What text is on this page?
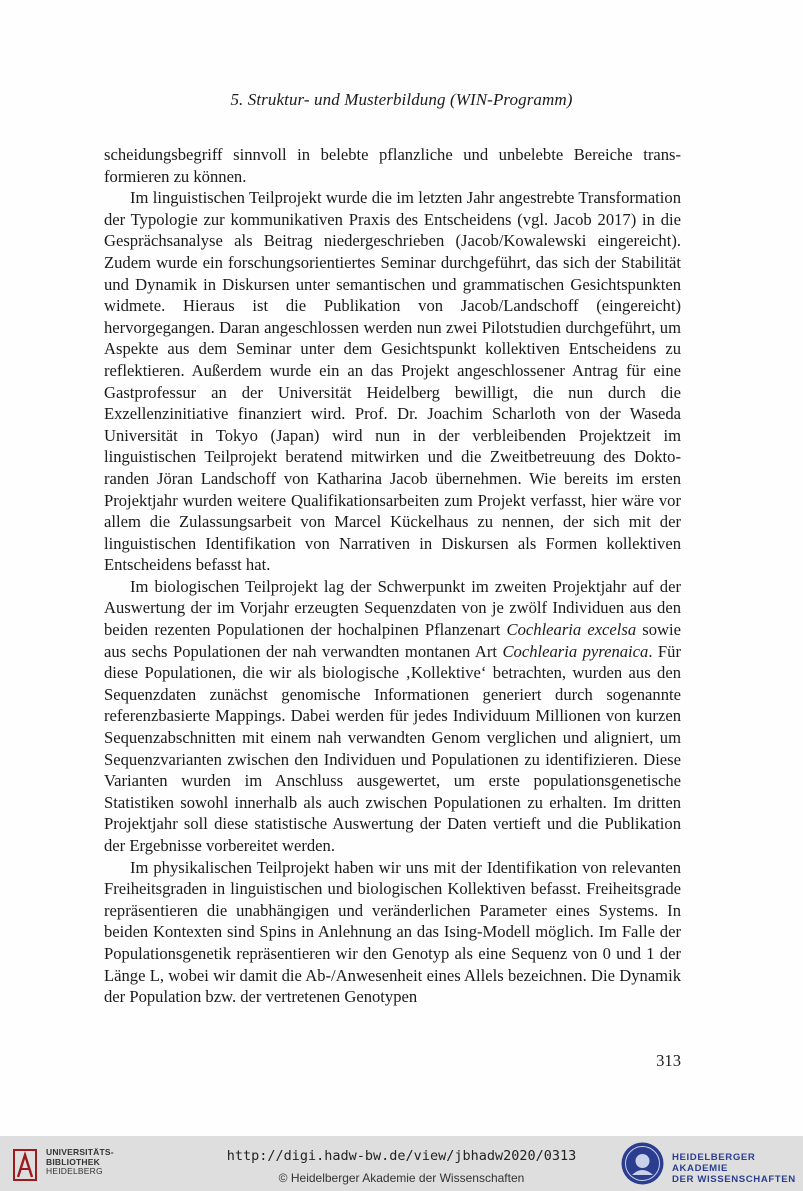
5. Struktur- und Musterbildung (WIN-Programm)

scheidungsbegriff sinnvoll in belebte pflanzliche und unbelebte Bereiche transformieren zu können.

Im linguistischen Teilprojekt wurde die im letzten Jahr angestrebte Transformation der Typologie zur kommunikativen Praxis des Entscheidens (vgl. Jacob 2017) in die Gesprächsanalyse als Beitrag niedergeschrieben (Jacob/Kowalewski eingereicht). Zudem wurde ein forschungsorientiertes Seminar durchgeführt, das sich der Stabilität und Dynamik in Diskursen unter semantischen und grammatischen Gesichtspunkten widmete. Hieraus ist die Publikation von Jacob/Landschoff (eingereicht) hervorgegangen. Daran angeschlossen werden nun zwei Pilotstudien durchgeführt, um Aspekte aus dem Seminar unter dem Gesichtspunkt kollektiven Entscheidens zu reflektieren. Außerdem wurde ein an das Projekt angeschlossener Antrag für eine Gastprofessur an der Universität Heidelberg bewilligt, die nun durch die Exzellenzinitiative finanziert wird. Prof. Dr. Joachim Scharloth von der Waseda Universität in Tokyo (Japan) wird nun in der verbleibenden Projektzeit im linguistischen Teilprojekt beratend mitwirken und die Zweitbetreuung des Doktoranden Jöran Landschoff von Katharina Jacob übernehmen. Wie bereits im ersten Projektjahr wurden weitere Qualifikationsarbeiten zum Projekt verfasst, hier wäre vor allem die Zulassungsarbeit von Marcel Kückelhaus zu nennen, der sich mit der linguistischen Identifikation von Narrativen in Diskursen als Formen kollektiven Entscheidens befasst hat.

Im biologischen Teilprojekt lag der Schwerpunkt im zweiten Projektjahr auf der Auswertung der im Vorjahr erzeugten Sequenzdaten von je zwölf Individuen aus den beiden rezenten Populationen der hochalpinen Pflanzenart Cochlearia excelsa sowie aus sechs Populationen der nah verwandten montanen Art Cochlearia pyrenaica. Für diese Populationen, die wir als biologische ‚Kollektive‘ betrachten, wurden aus den Sequenzdaten zunächst genomische Informationen generiert durch sogenannte referenzbasierte Mappings. Dabei werden für jedes Individuum Millionen von kurzen Sequenzabschnitten mit einem nah verwandten Genom verglichen und aligniert, um Sequenzvarianten zwischen den Individuen und Populationen zu identifizieren. Diese Varianten wurden im Anschluss ausgewertet, um erste populationsgenetische Statistiken sowohl innerhalb als auch zwischen Populationen zu erhalten. Im dritten Projektjahr soll diese statistische Auswertung der Daten vertieft und die Publikation der Ergebnisse vorbereitet werden.

Im physikalischen Teilprojekt haben wir uns mit der Identifikation von relevanten Freiheitsgraden in linguistischen und biologischen Kollektiven befasst. Freiheitsgrade repräsentieren die unabhängigen und veränderlichen Parameter eines Systems. In beiden Kontexten sind Spins in Anlehnung an das Ising-Modell möglich. Im Falle der Populationsgenetik repräsentieren wir den Genotyp als eine Sequenz von 0 und 1 der Länge L, wobei wir damit die Ab-/Anwesenheit eines Allels bezeichnen. Die Dynamik der Population bzw. der vertretenen Genotypen

313
UNIVERSITÄTS-
BIBLIOTHEK
HEIDELBERG
http://digi.hadw-bw.de/view/jbhadw2020/0313
© Heidelberger Akademie der Wissenschaften
HEIDELBERGER AKADEMIE
DER WISSENSCHAFTEN
